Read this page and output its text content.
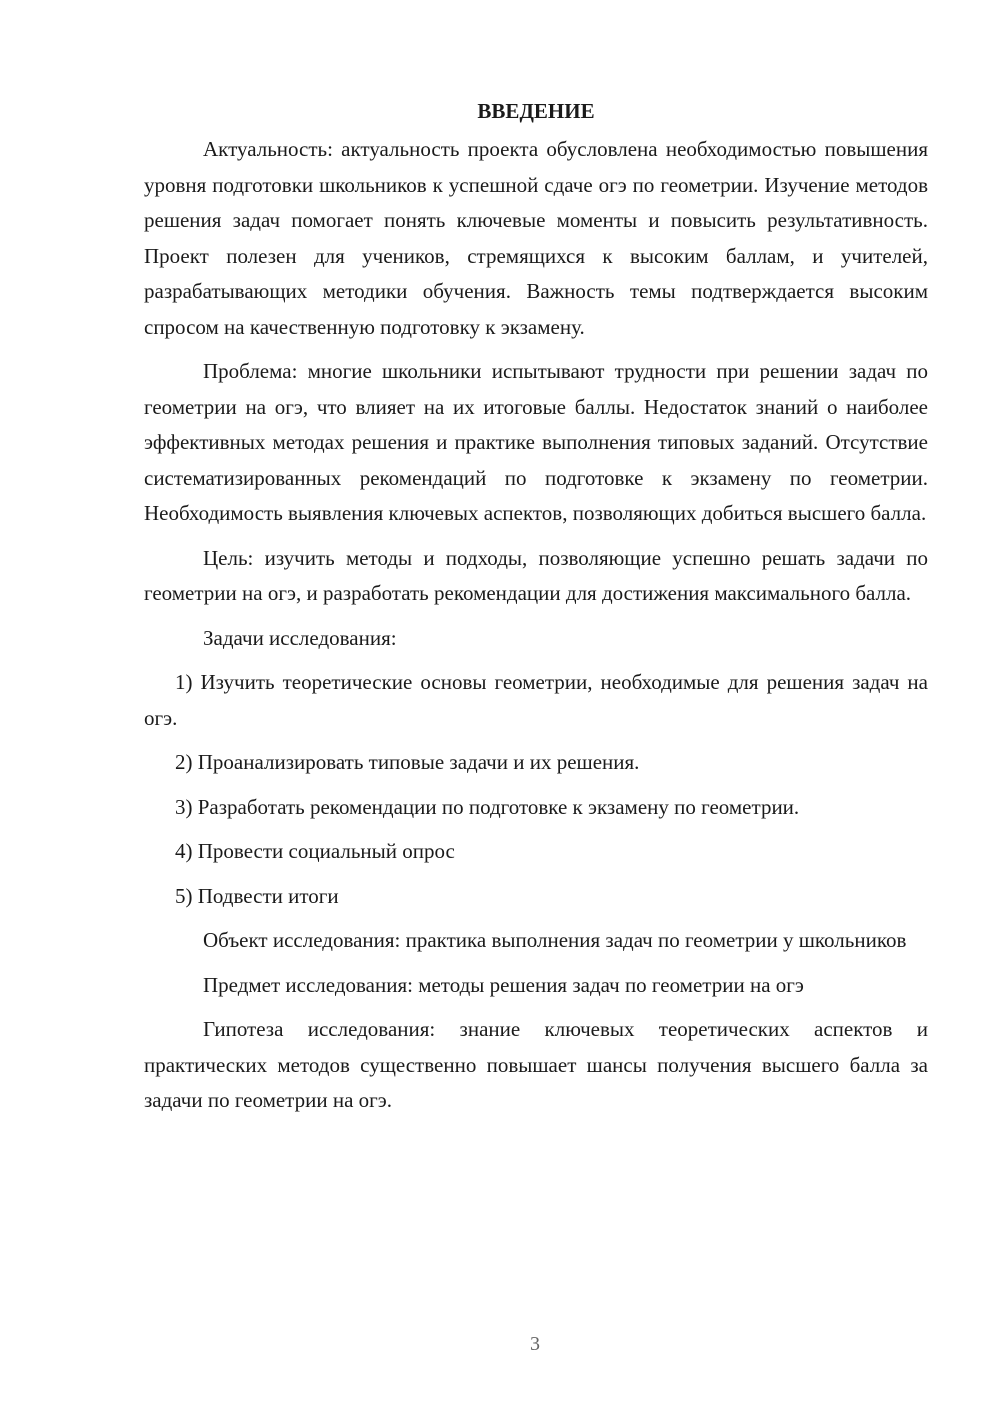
ВВЕДЕНИЕ

Актуальность: актуальность проекта обусловлена необходимостью повышения уровня подготовки школьников к успешной сдаче огэ по геометрии. Изучение методов решения задач помогает понять ключевые моменты и повысить результативность. Проект полезен для учеников, стремящихся к высоким баллам, и учителей, разрабатывающих методики обучения. Важность темы подтверждается высоким спросом на качественную подготовку к экзамену.

Проблема: многие школьники испытывают трудности при решении задач по геометрии на огэ, что влияет на их итоговые баллы. Недостаток знаний о наиболее эффективных методах решения и практике выполнения типовых заданий. Отсутствие систематизированных рекомендаций по подготовке к экзамену по геометрии. Необходимость выявления ключевых аспектов, позволяющих добиться высшего балла.

Цель: изучить методы и подходы, позволяющие успешно решать задачи по геометрии на огэ, и разработать рекомендации для достижения максимального балла.

Задачи исследования:

1) Изучить теоретические основы геометрии, необходимые для решения задач на огэ.

2) Проанализировать типовые задачи и их решения.

3) Разработать рекомендации по подготовке к экзамену по геометрии.

4) Провести социальный опрос

5) Подвести итоги

Объект исследования: практика выполнения задач по геометрии у школьников

Предмет исследования: методы решения задач по геометрии на огэ

Гипотеза исследования: знание ключевых теоретических аспектов и практических методов существенно повышает шансы получения высшего балла за задачи по геометрии на огэ.

3
